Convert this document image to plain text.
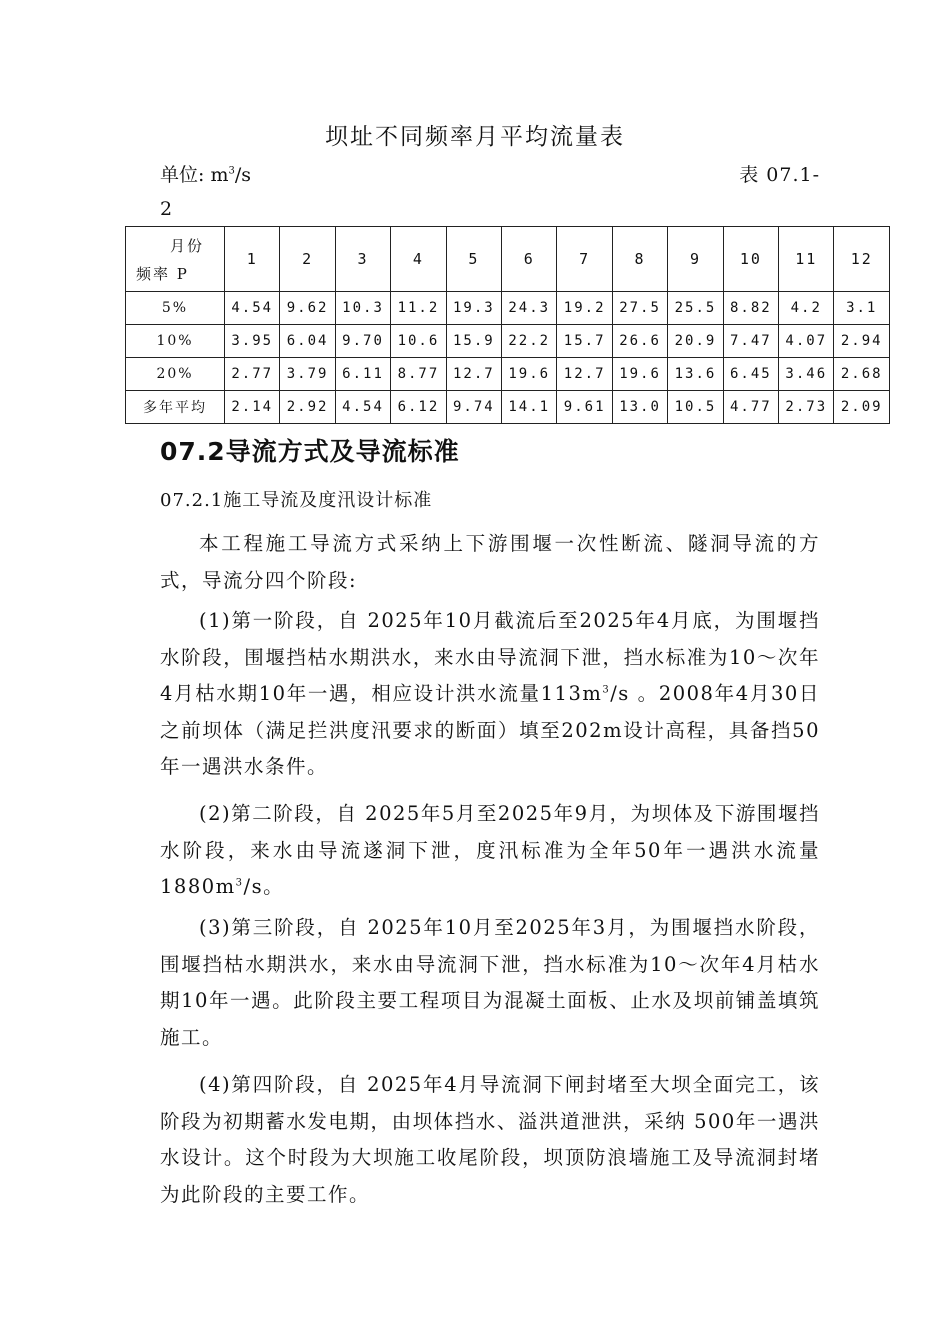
坝址不同频率月平均流量表
单位: $m^3/s$	表 07.1-
2
月份
频率 P	1	2	3	4	5	6	7	8	9	10	11	12
5%	4.54	9.62	10.3	11.2	19.3	24.3	19.2	27.5	25.5	8.82	4.2	3.1
10%	3.95	6.04	9.70	10.6	15.9	22.2	15.7	26.6	20.9	7.47	4.07	2.94
20%	2.77	3.79	6.11	8.77	12.7	19.6	12.7	19.6	13.6	6.45	3.46	2.68
多年平均	2.14	2.92	4.54	6.12	9.74	14.1	9.61	13.0	10.5	4.77	2.73	2.09
07.2导流方式及导流标准
07.2.1施工导流及度汛设计标准

本工程施工导流方式采纳上下游围堰一次性断流、隧洞导流的方式，导流分四个阶段:

(1)第一阶段，自 2025年10月截流后至2025年4月底，为围堰挡水阶段，围堰挡枯水期洪水，来水由导流洞下泄，挡水标准为10～次年4月枯水期10年一遇，相应设计洪水流量$113m^3/s$ 。2008年4月30日之前坝体（满足拦洪度汛要求的断面）填至202m设计高程，具备挡50年一遇洪水条件。

(2)第二阶段，自 2025年5月至2025年9月，为坝体及下游围堰挡水阶段，来水由导流遂洞下泄，度汛标准为全年50年一遇洪水流量$1880m^3/s$。

(3)第三阶段，自 2025年10月至2025年3月，为围堰挡水阶段，围堰挡枯水期洪水，来水由导流洞下泄，挡水标准为10～次年4月枯水期10年一遇。此阶段主要工程项目为混凝土面板、止水及坝前铺盖填筑施工。

(4)第四阶段，自 2025年4月导流洞下闸封堵至大坝全面完工，该阶段为初期蓄水发电期，由坝体挡水、溢洪道泄洪，采纳 500年一遇洪水设计。这个时段为大坝施工收尾阶段，坝顶防浪墙施工及导流洞封堵为此阶段的主要工作。
